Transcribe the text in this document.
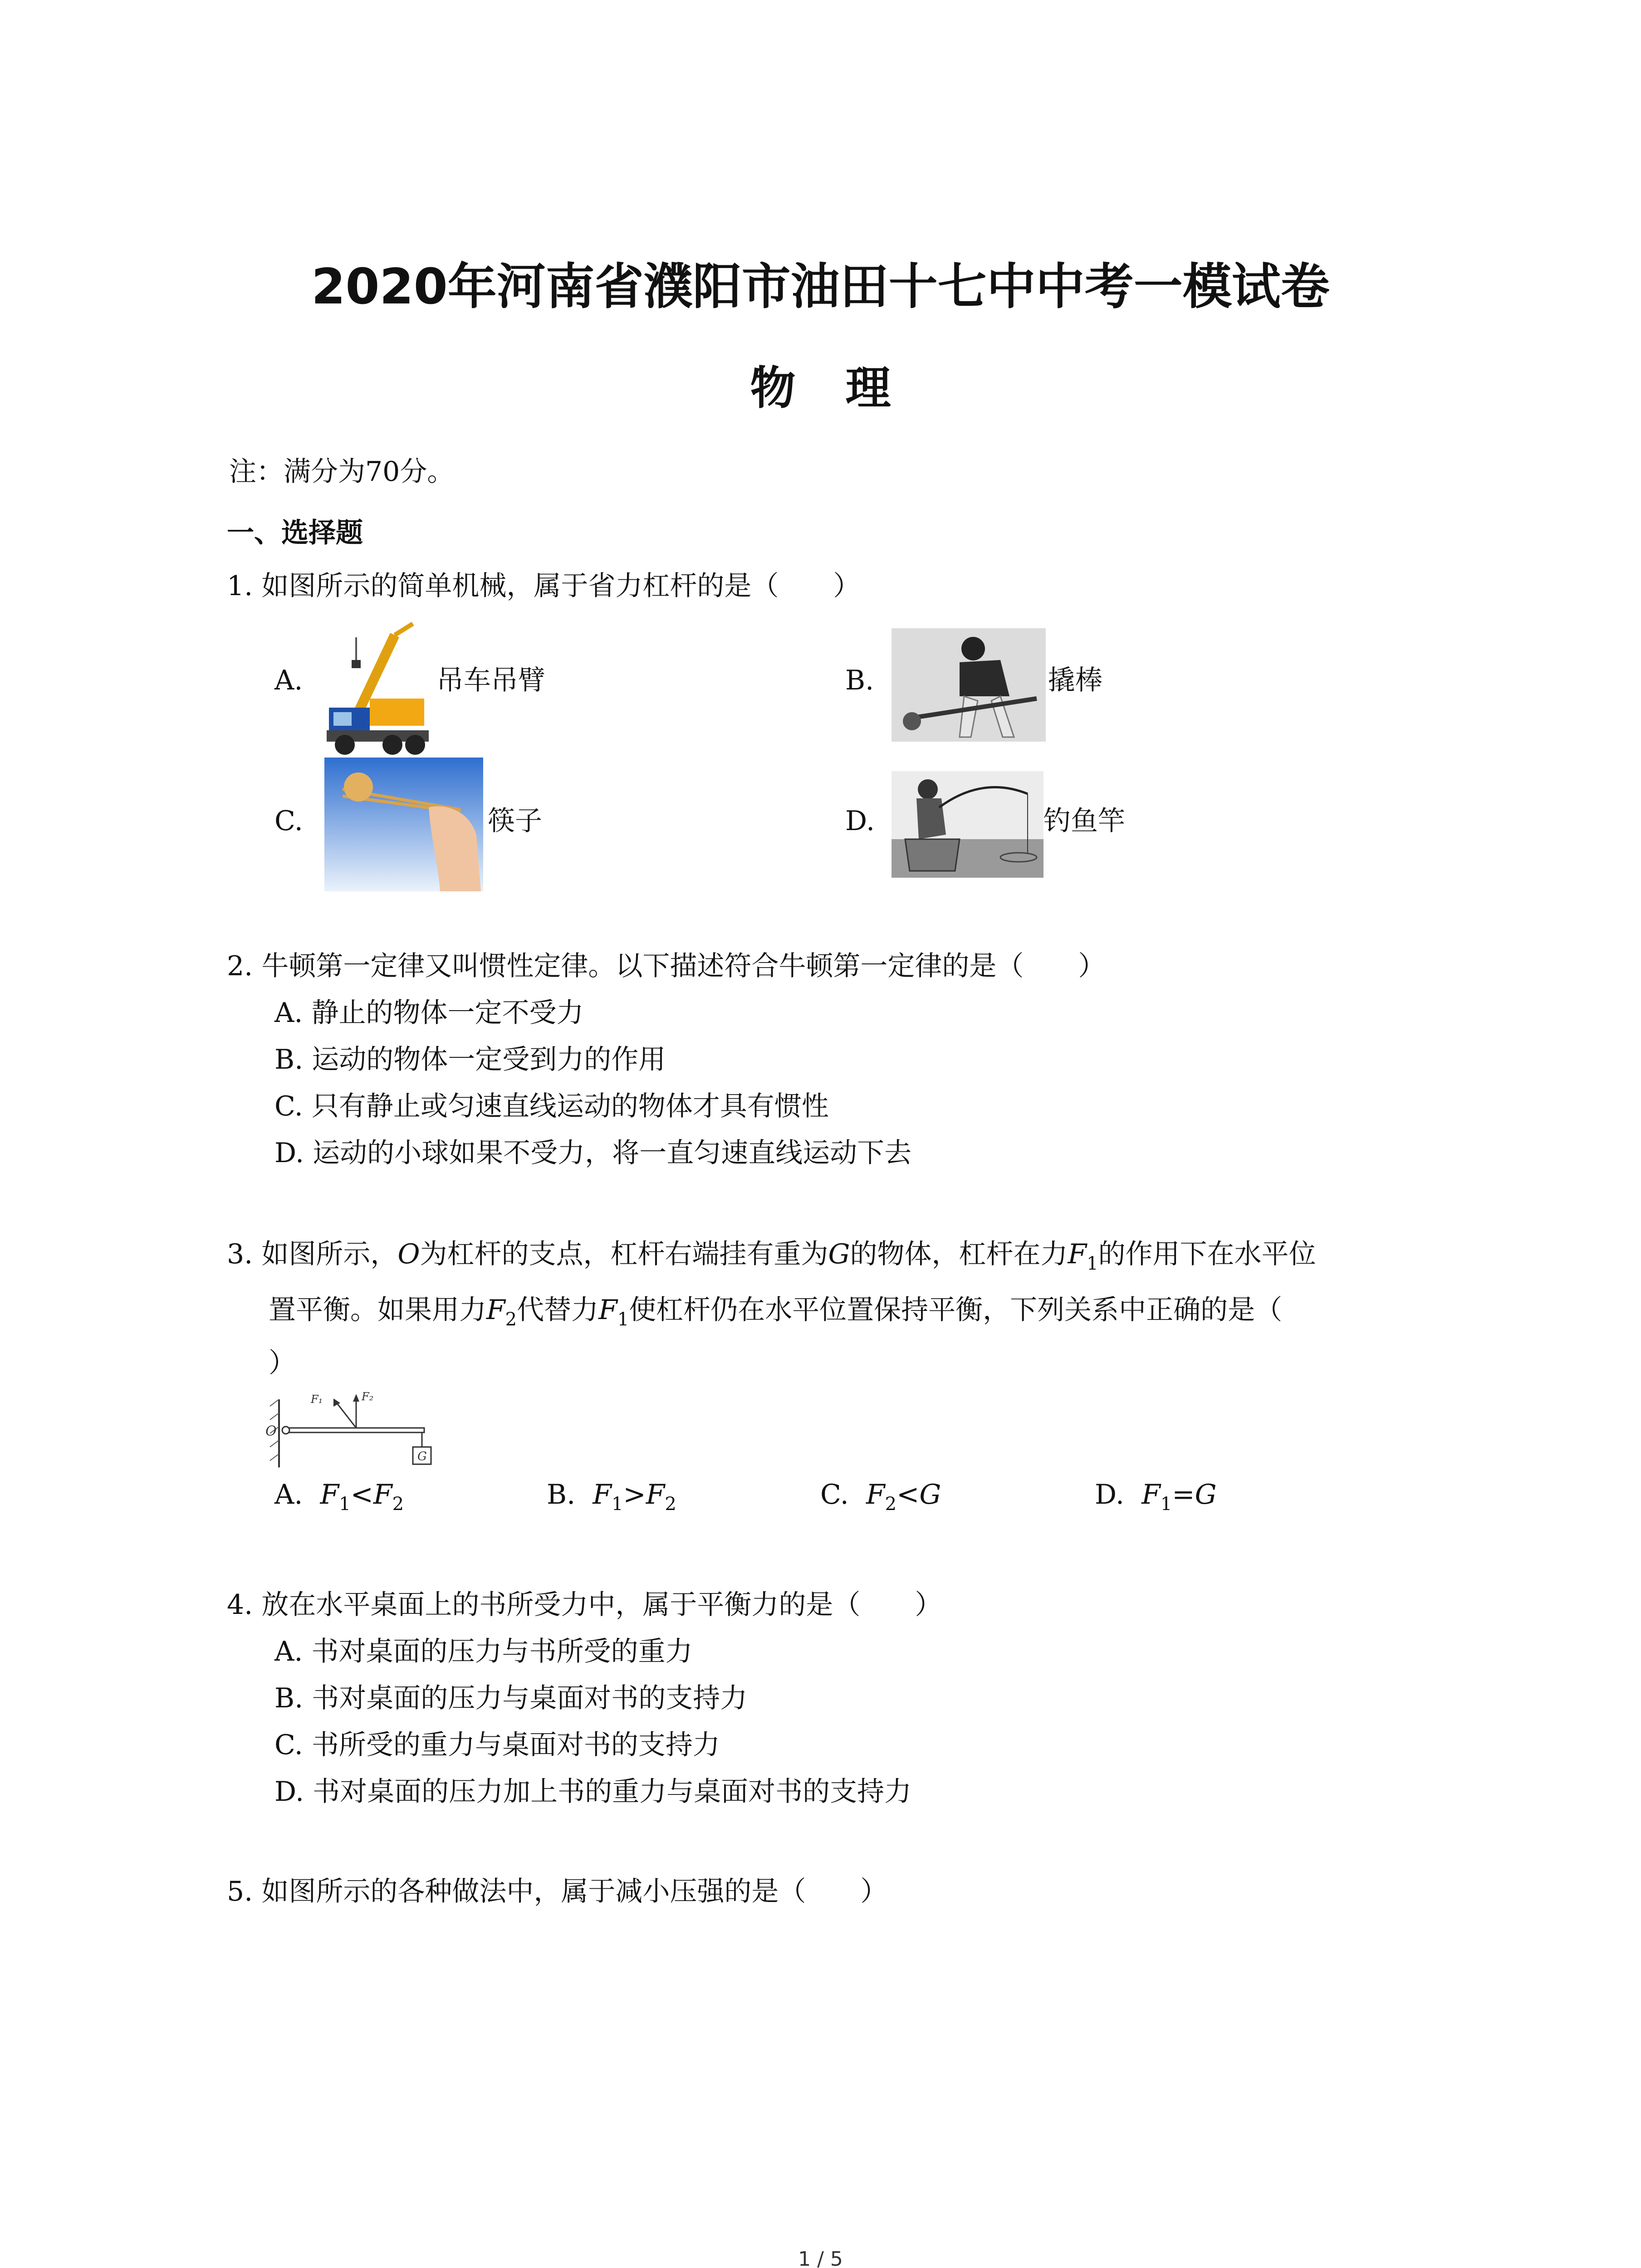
2020年河南省濮阳市油田十七中中考一模试卷
物理
注：满分为70分。
一、选择题
1. 如图所示的简单机械，属于省力杠杆的是（　　）
A.	吊车吊臂	B.	撬棒
C.	筷子	D.	钓鱼竿
2. 牛顿第一定律又叫惯性定律。以下描述符合牛顿第一定律的是（　　）
A. 静止的物体一定不受力
B. 运动的物体一定受到力的作用
C. 只有静止或匀速直线运动的物体才具有惯性
D. 运动的小球如果不受力，将一直匀速直线运动下去
3. 如图所示，O为杠杆的支点，杠杆右端挂有重为G的物体，杠杆在力$F_1$的作用下在水平位
置平衡。如果用力$F_2$代替力$F_1$使杠杆仍在水平位置保持平衡，下列关系中正确的是（
）
O
F₁	F₂
G
A. $F_1<F_2$	B. $F_1>F_2$	C. $F_2<G$	D. $F_1=G$
4. 放在水平桌面上的书所受力中，属于平衡力的是（　　）
A. 书对桌面的压力与书所受的重力
B. 书对桌面的压力与桌面对书的支持力
C. 书所受的重力与桌面对书的支持力
D. 书对桌面的压力加上书的重力与桌面对书的支持力
5. 如图所示的各种做法中，属于减小压强的是（　　）
1 / 5
